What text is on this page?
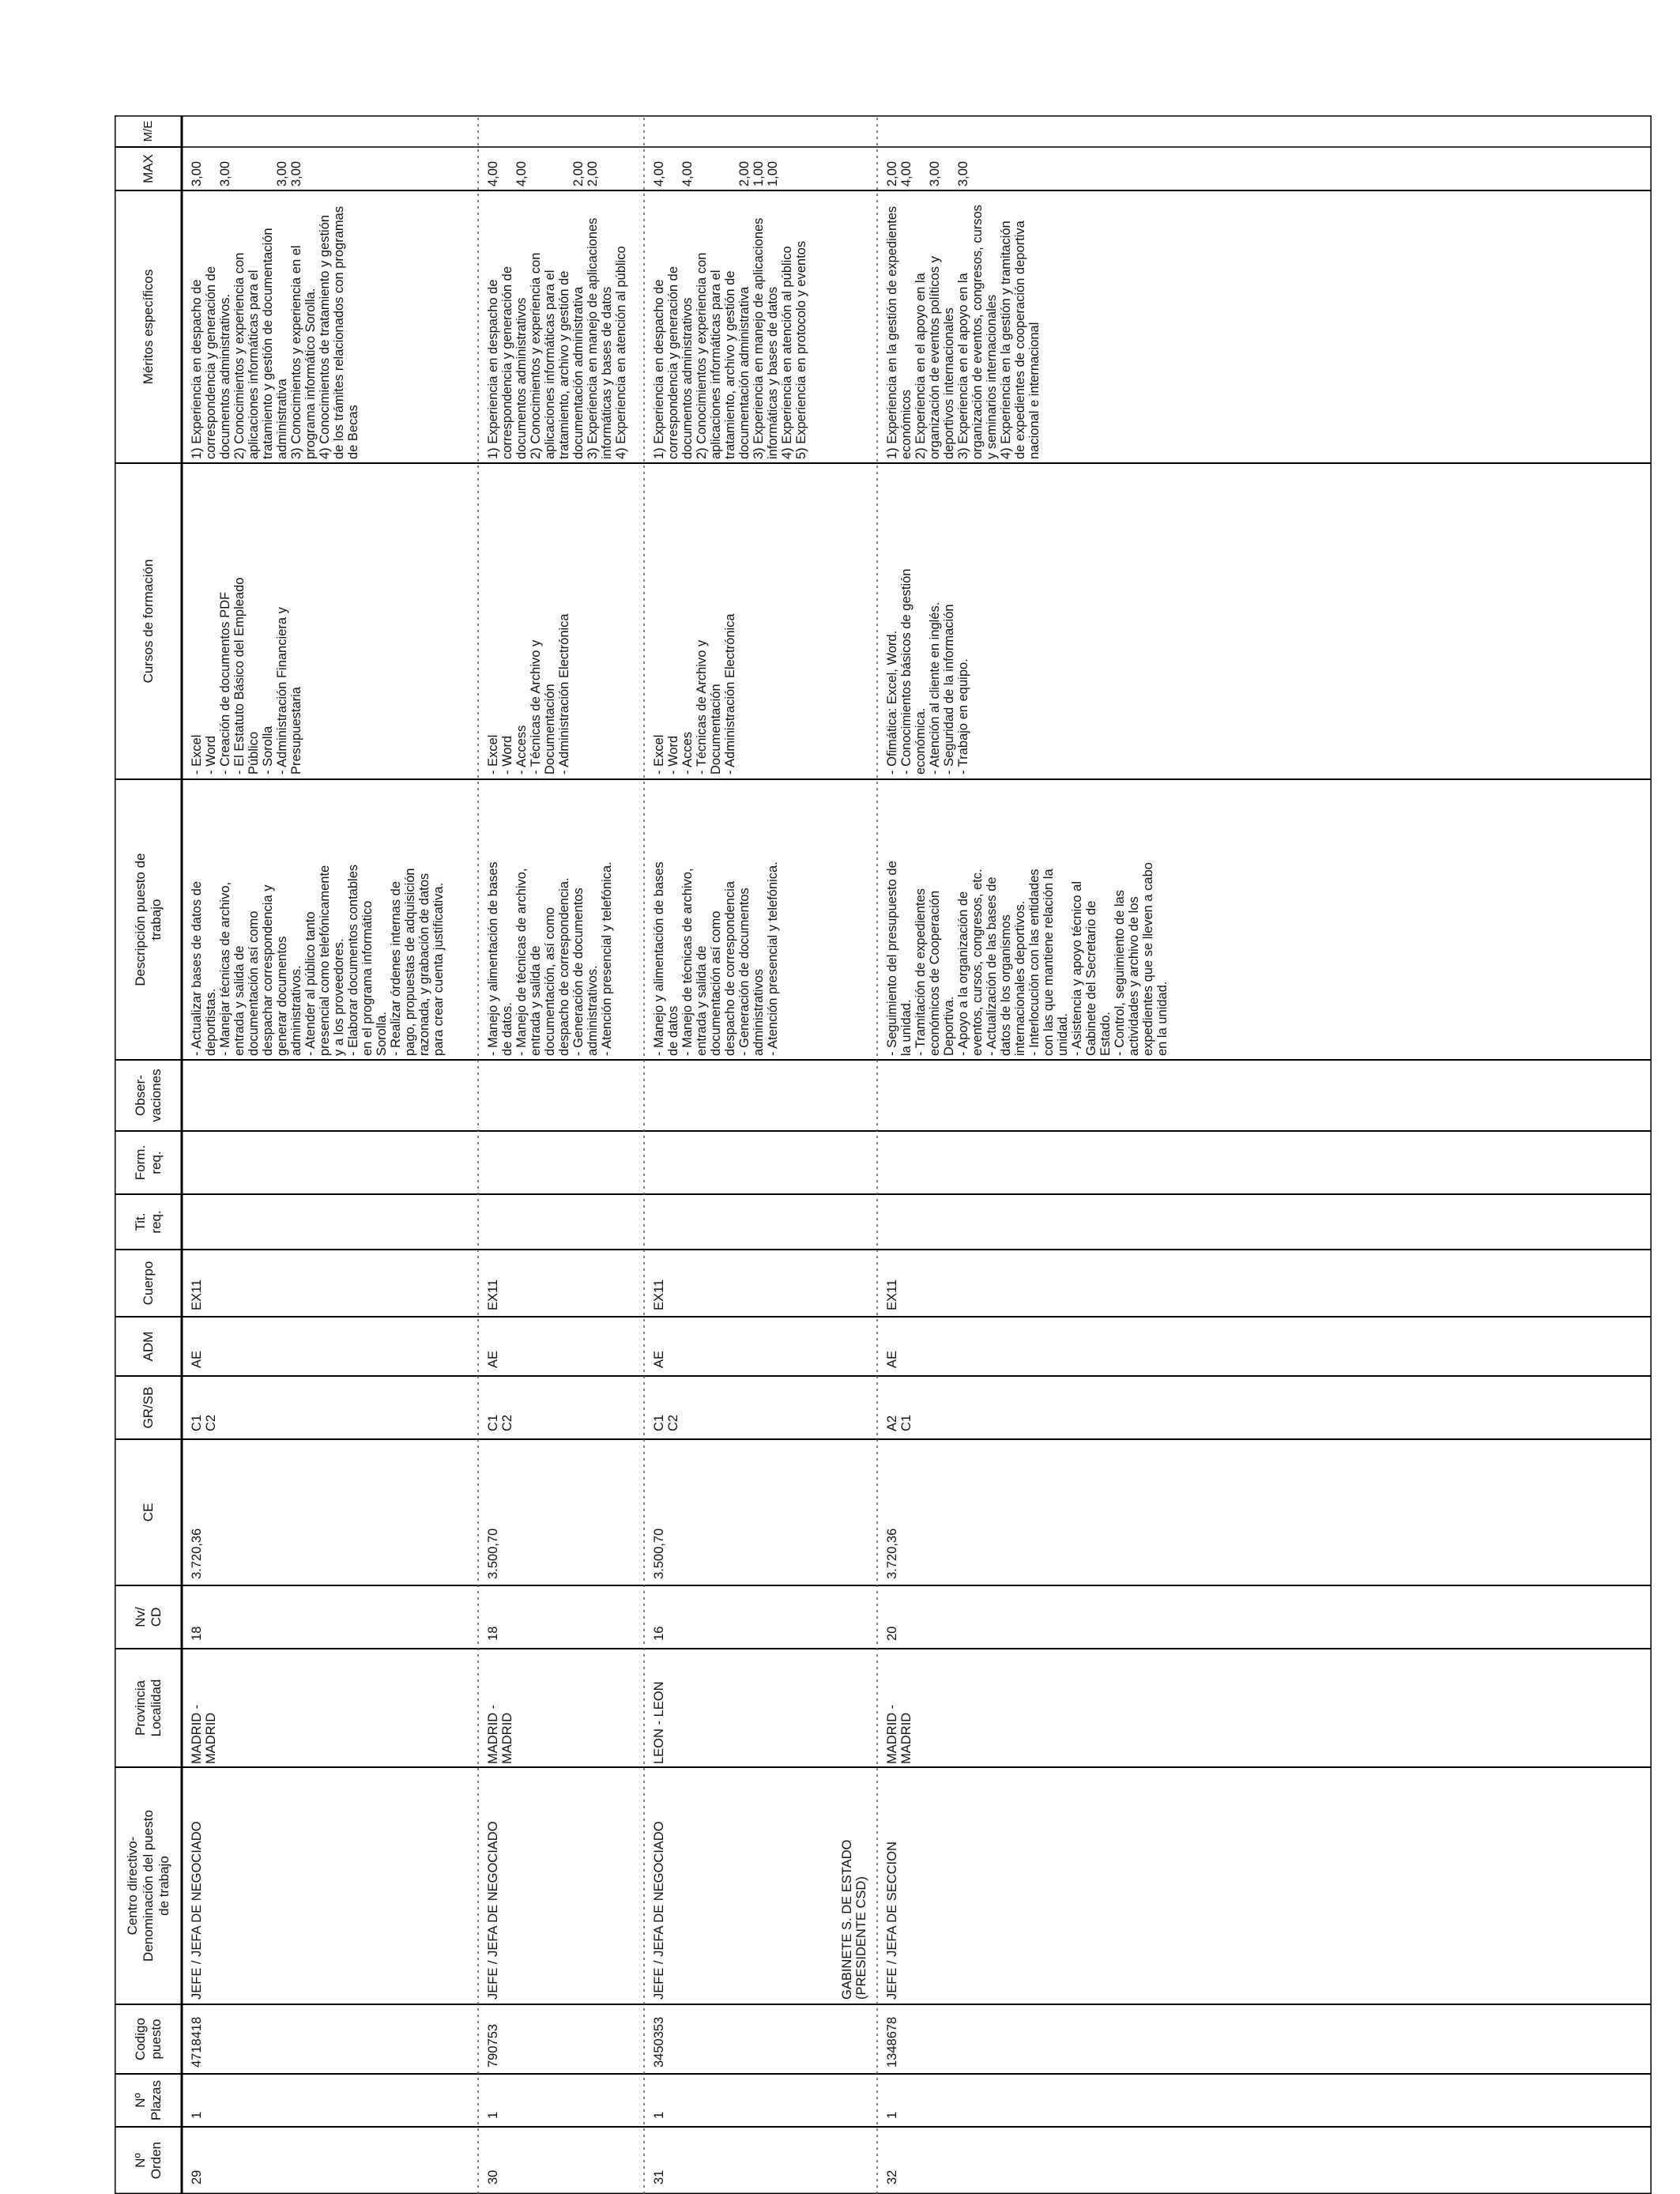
Nº
Orden
Nº
Plazas
Codigo
puesto
Centro directivo-
Denominación del puesto
de trabajo
Provincia
Localidad
Nv/
CD
CE
GR/SB
ADM
Cuerpo
Tit.
req.
Form.
req.
Obser-
vaciones
Descripción puesto de
trabajo
Cursos de formación
Méritos específicos
MAX
M/E
29
1
4718418
JEFE / JEFA DE NEGOCIADO
MADRID -
MADRID
18
3.720,36
C1
C2
AE
EX11
- Actualizar bases de datos de
deportistas.
- Manejar técnicas de archivo,
entrada y salida de
documentación así como
despachar correspondencia y
generar documentos
administrativos.
- Atender al público tanto
presencial como telefónicamente
y a los proveedores.
- Elaborar documentos contables
en el programa informático
Sorolla.
- Realizar órdenes internas de
pago, propuestas de adquisición
razonada, y grabación de datos
para crear cuenta justificativa.
- Excel
- Word
- Creación de documentos PDF
- El Estatuto Básico del Empleado
Público
- Sorolla
- Administración Financiera y
Presupuestaria
1) Experiencia en despacho de
correspondencia y generación de
documentos administrativos.
2) Conocimientos y experiencia con
aplicaciones informáticas para el
tratamiento y gestión de documentación
administrativa
3) Conocimientos y experiencia en el
programa informático Sorolla.
4) Conocimientos de tratamiento y gestión
de los trámites relacionados con programas
de Becas
3,00

3,00

3,00
3,00
30
1
790753
JEFE / JEFA DE NEGOCIADO
MADRID -
MADRID
18
3.500,70
C1
C2
AE
EX11
- Manejo y alimentación de bases
de datos.
- Manejo de técnicas de archivo,
entrada y salida de
documentación, así como
despacho de correspondencia.
- Generación de documentos
administrativos.
- Atención presencial y telefónica.
- Excel
- Word
- Access
- Técnicas de Archivo y
Documentación
- Administración Electrónica
1) Experiencia en despacho de
correspondencia y generación de
documentos administrativos
2) Conocimientos y experiencia con
aplicaciones informáticas para el
tratamiento, archivo y gestión de
documentación administrativa
3) Experiencia en manejo de aplicaciones
informáticas y bases de datos
4) Experiencia en atención al público
4,00

4,00

2,00
2,00
31
1
3450353
JEFE / JEFA DE NEGOCIADO
LEON - LEON
16
3.500,70
C1
C2
AE
EX11
- Manejo y alimentación de bases
de datos
- Manejo de técnicas de archivo,
entrada y salida de
documentación así como
despacho de correspondencia
- Generación de documentos
administrativos
- Atención presencial y telefónica.
- Excel
- Word
- Acces
- Técnicas de Archivo y
Documentación
- Administración Electrónica
1) Experiencia en despacho de
correspondencia y generación de
documentos administrativos
2) Conocimientos y experiencia con
aplicaciones informáticas para el
tratamiento, archivo y gestión de
documentación administrativa
3) Experiencia en manejo de aplicaciones
informáticas y bases de datos
4) Experiencia en atención al público
5) Experiencia en protocolo y eventos
4,00

4,00

2,00
1,00
1,00
32
1
1348678
GABINETE S. DE ESTADO
(PRESIDENTE CSD) JEFE / JEFA DE SECCION
MADRID -
MADRID
20
3.720,36
A2
C1
AE
EX11
- Seguimiento del presupuesto de
la unidad.
- Tramitación de expedientes
económicos de Cooperación
Deportiva.
- Apoyo a la organización de
eventos, cursos, congresos, etc.
- Actualización de las bases de
datos de los organismos
internacionales deportivos.
- Interlocución con las entidades
con las que mantiene relación la
unidad.
- Asistencia y apoyo técnico al
Gabinete del Secretario de
Estado.
- Control, seguimiento de las
actividades y archivo de los
expedientes que se lleven a cabo
en la unidad.
- Ofimática: Excel, Word.
- Conocimientos básicos de gestión
económica.
- Atención al cliente en inglés.
- Seguridad de la información
- Trabajo en equipo.
1) Experiencia en la gestión de expedientes
económicos
2) Experiencia en el apoyo en la
organización de eventos políticos y
deportivos internacionales
3) Experiencia en el apoyo en la
organización de eventos, congresos, cursos
y seminarios internacionales
4) Experiencia en la gestión y tramitación
de expedientes de cooperación deportiva
nacional e internacional
2,00
4,00

3,00

3,00
